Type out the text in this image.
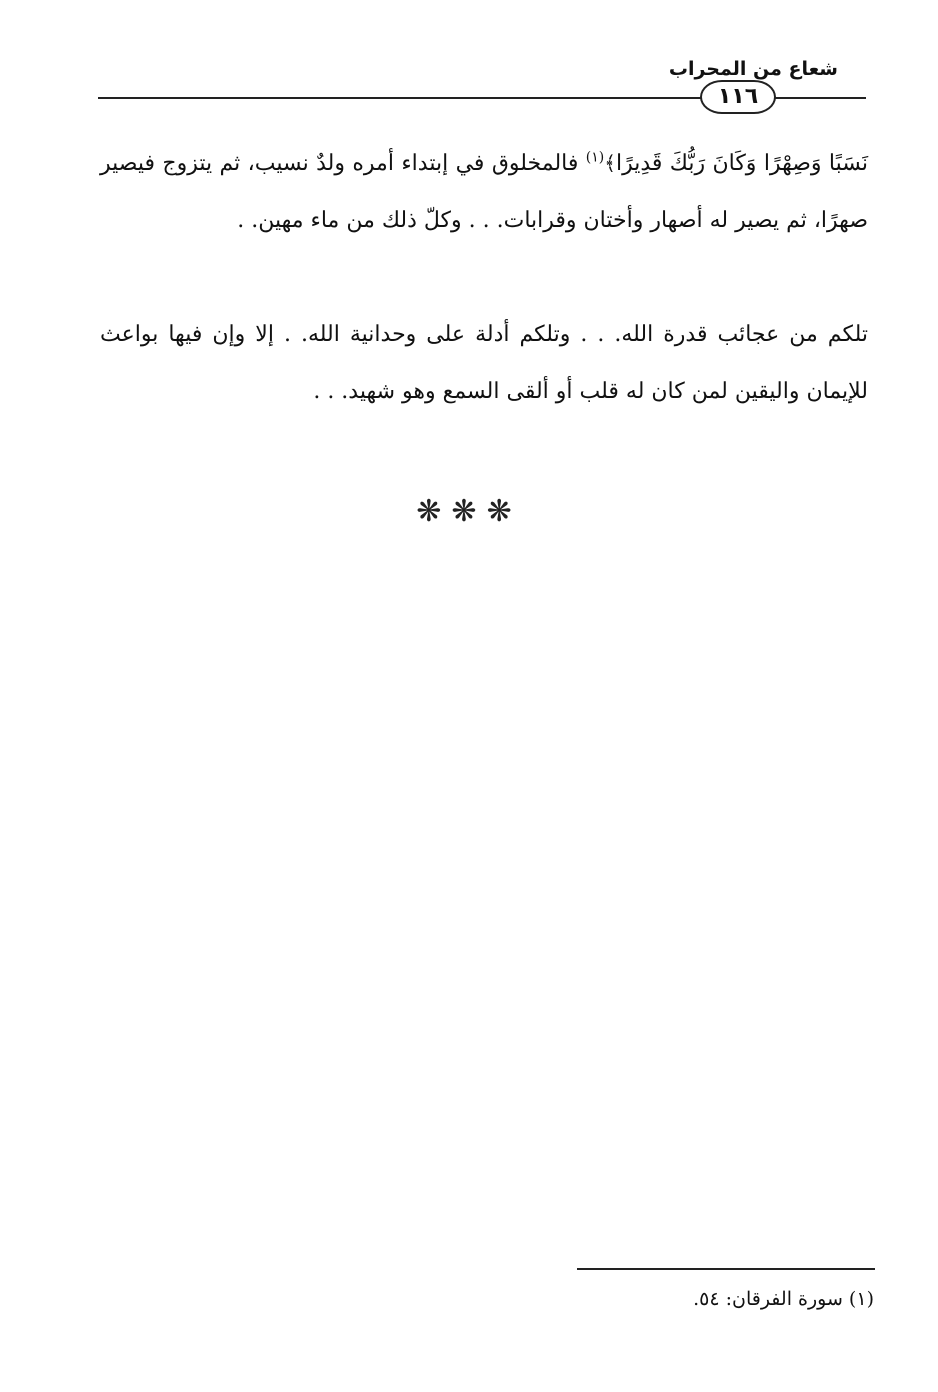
شعاع من المحراب
١١٦
نَسَبًا وَصِهْرًا وَكَانَ رَبُّكَ قَدِيرًا﴾$^{(١)}$ فالمخلوق في إبتداء أمره ولدٌ نسيب، ثم يتزوج فيصير صهرًا، ثم يصير له أصهار وأختان وقرابات. . . وكلّ ذلك من ماء مهين. .
تلكم من عجائب قدرة الله. . . وتلكم أدلة على وحدانية الله. . إلا وإن فيها بواعث للإيمان واليقين لمن كان له قلب أو ألقى السمع وهو شهيد. . .
❋❋❋
(١) سورة الفرقان: ٥٤.
